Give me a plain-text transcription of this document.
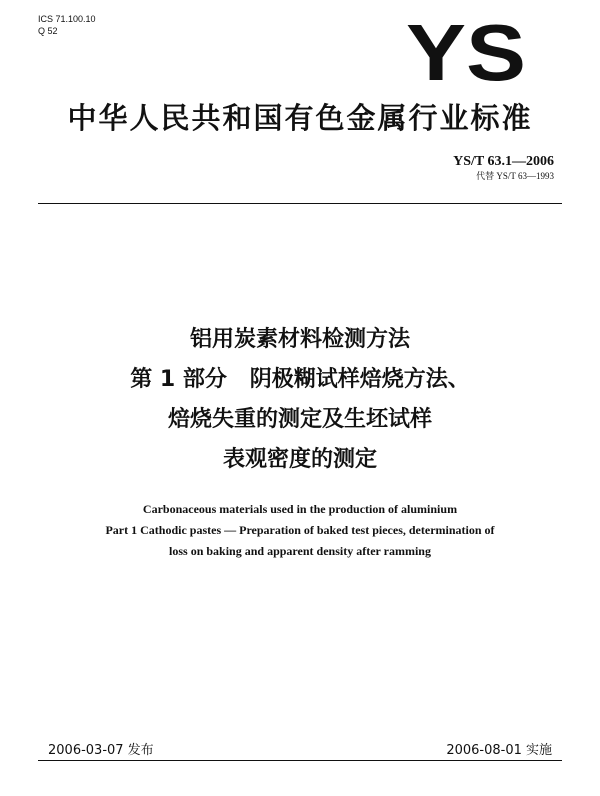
ICS 71.100.10
Q 52	YS
中华人民共和国有色金属行业标准
YS/T 63.1—2006
代替 YS/T 63—1993
铝用炭素材料检测方法
第 1 部分   阴极糊试样焙烧方法、
焙烧失重的测定及生坯试样
表观密度的测定
Carbonaceous materials used in the production of aluminium
Part 1 Cathodic pastes — Preparation of baked test pieces, determination of
loss on baking and apparent density after ramming
2006-03-07 发布	2006-08-01 实施
